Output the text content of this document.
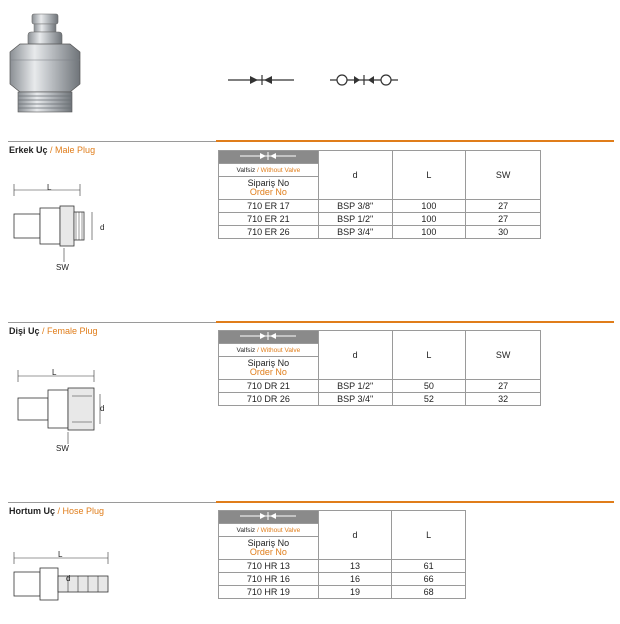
Erkek Uç / Male Plug
L
d
SW
	d	L	SW
Valfsiz / Without Valve			
Sipariş No
Order No			

710 ER 17	BSP 3/8"	100	27
710 ER 21	BSP 1/2"	100	27
710 ER 26	BSP 3/4"	100	30
Dişi Uç / Female Plug
L
d
SW
	d	L	SW
Valfsiz / Without Valve			
Sipariş No
Order No			

710 DR 21	BSP 1/2"	50	27
710 DR 26	BSP 3/4"	52	32
Hortum Uç / Hose Plug
L
d
	d	L
Valfsiz / Without Valve		
Sipariş No
Order No		

710 HR 13	13	61
710 HR 16	16	66
710 HR 19	19	68
